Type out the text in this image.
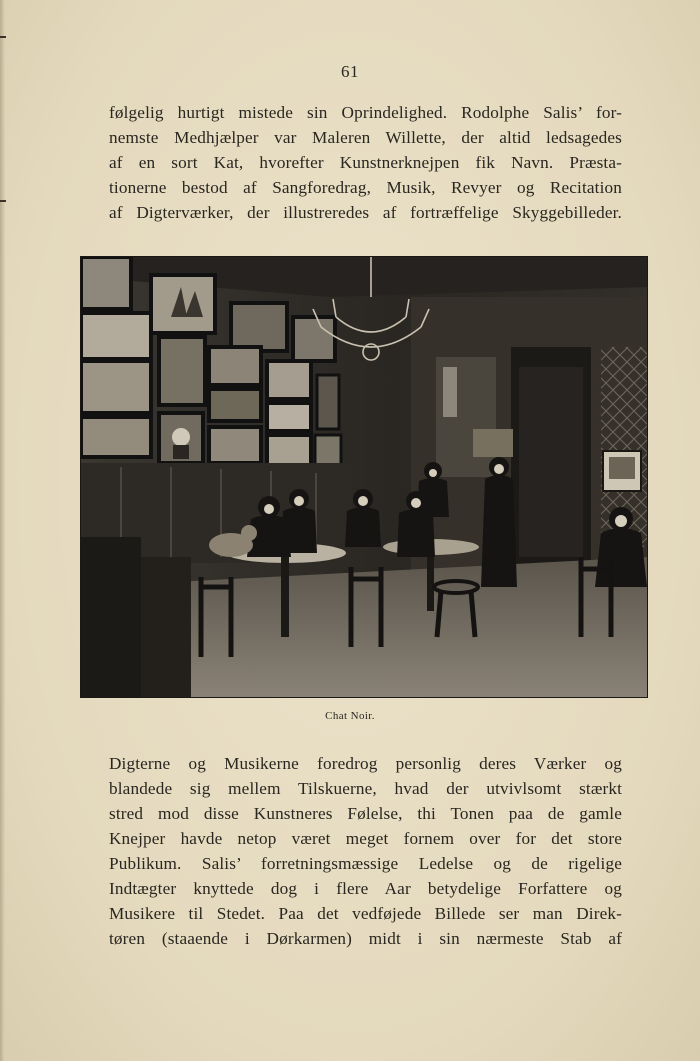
61
følgelig hurtigt mistede sin Oprindelighed. Rodolphe Salis’ for-
nemste Medhjælper var Maleren Willette, der altid ledsagedes
af en sort Kat, hvorefter Kunstnerknejpen fik Navn. Præsta-
tionerne bestod af Sangforedrag, Musik, Revyer og Recitation
af Digterværker, der illustreredes af fortræffelige Skyggebilleder.
Chat Noir.
Digterne og Musikerne foredrog personlig deres Værker og
blandede sig mellem Tilskuerne, hvad der utvivlsomt stærkt
stred mod disse Kunstneres Følelse, thi Tonen paa de gamle
Knejper havde netop været meget fornem over for det store
Publikum. Salis’ forretningsmæssige Ledelse og de rigelige
Indtægter knyttede dog i flere Aar betydelige Forfattere og
Musikere til Stedet. Paa det vedføjede Billede ser man Direk-
tøren (staaende i Dørkarmen) midt i sin nærmeste Stab af
